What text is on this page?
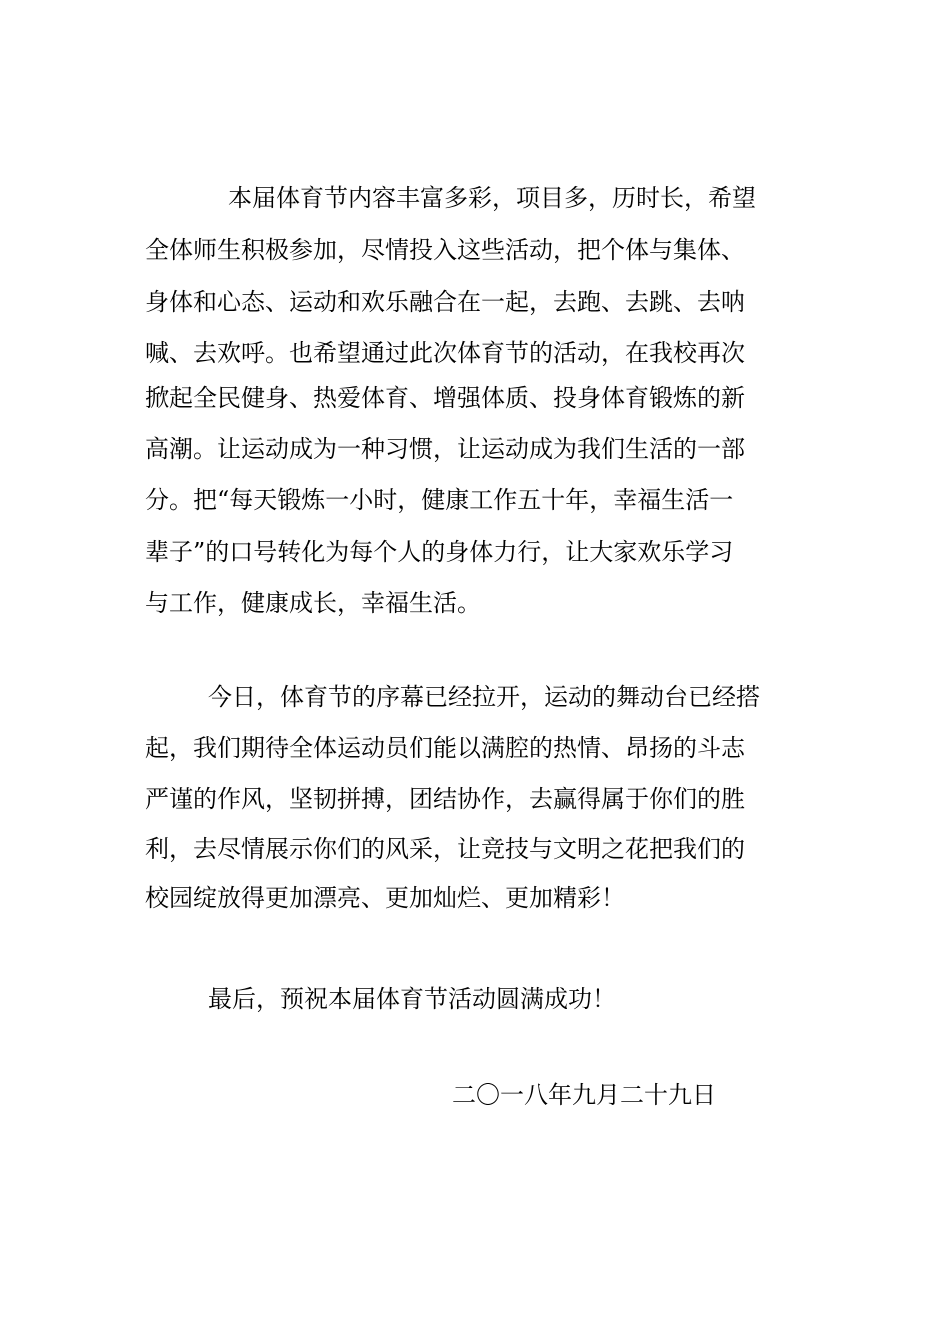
本届体育节内容丰富多彩，项目多，历时长，希望
全体师生积极参加，尽情投入这些活动，把个体与集体、
身体和心态、运动和欢乐融合在一起，去跑、去跳、去呐
喊、去欢呼。也希望通过此次体育节的活动，在我校再次
掀起全民健身、热爱体育、增强体质、投身体育锻炼的新
高潮。让运动成为一种习惯，让运动成为我们生活的一部
分。把“每天锻炼一小时，健康工作五十年，幸福生活一
辈子”的口号转化为每个人的身体力行，让大家欢乐学习
与工作，健康成长，幸福生活。
今日，体育节的序幕已经拉开，运动的舞动台已经搭
起，我们期待全体运动员们能以满腔的热情、昂扬的斗志
严谨的作风，坚韧拼搏，团结协作，去赢得属于你们的胜
利，去尽情展示你们的风采，让竞技与文明之花把我们的
校园绽放得更加漂亮、更加灿烂、更加精彩！
最后，预祝本届体育节活动圆满成功！
二〇一八年九月二十九日
